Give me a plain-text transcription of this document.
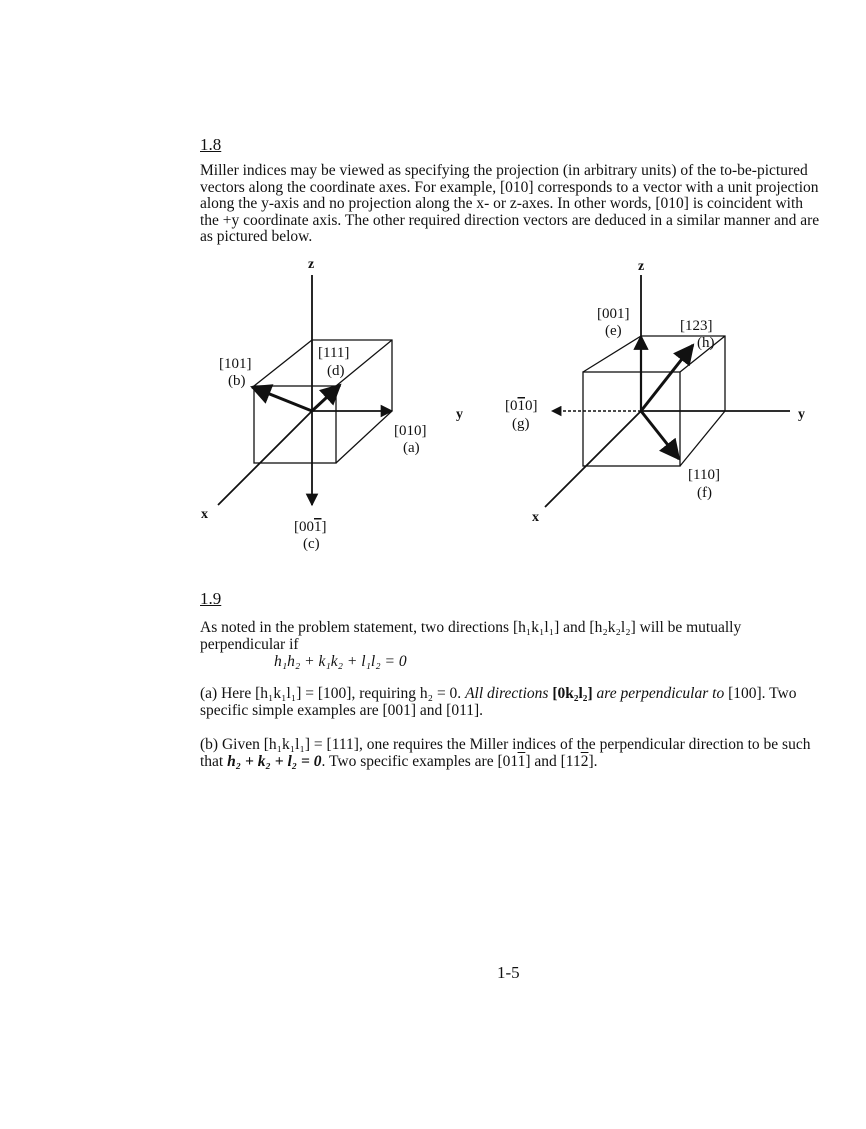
1.8
Miller indices may be viewed as specifying the projection (in arbitrary units) of the to-be-pictured vectors along the coordinate axes. For example, [010] corresponds to a vector with a unit projection along the y-axis and no projection along the x- or z-axes. In other words, [010] is coincident with the +y coordinate axis. The other required direction vectors are deduced in a similar manner and are as pictured below.
z
y
x
[101]
(b)
[111]
(d)
[010]
(a)
[001]
(c)
z
y
x
[001]
(e)	[123]
(h)
[010]
(g)
[110]
(f)
1.9
As noted in the problem statement, two directions [h₁k₁l₁] and [h₂k₂l₂] will be mutually perpendicular if
h₁h₂ + k₁k₂ + l₁l₂ = 0
(a) Here [h₁k₁l₁] = [100], requiring h₂ = 0. All directions [0k₂l₂] are perpendicular to [100]. Two specific simple examples are [001] and [011].
(b) Given [h₁k₁l₁] = [111], one requires the Miller indices of the perpendicular direction to be such that h₂ + k₂ + l₂ = 0. Two specific examples are [011] and [112].
1-5
